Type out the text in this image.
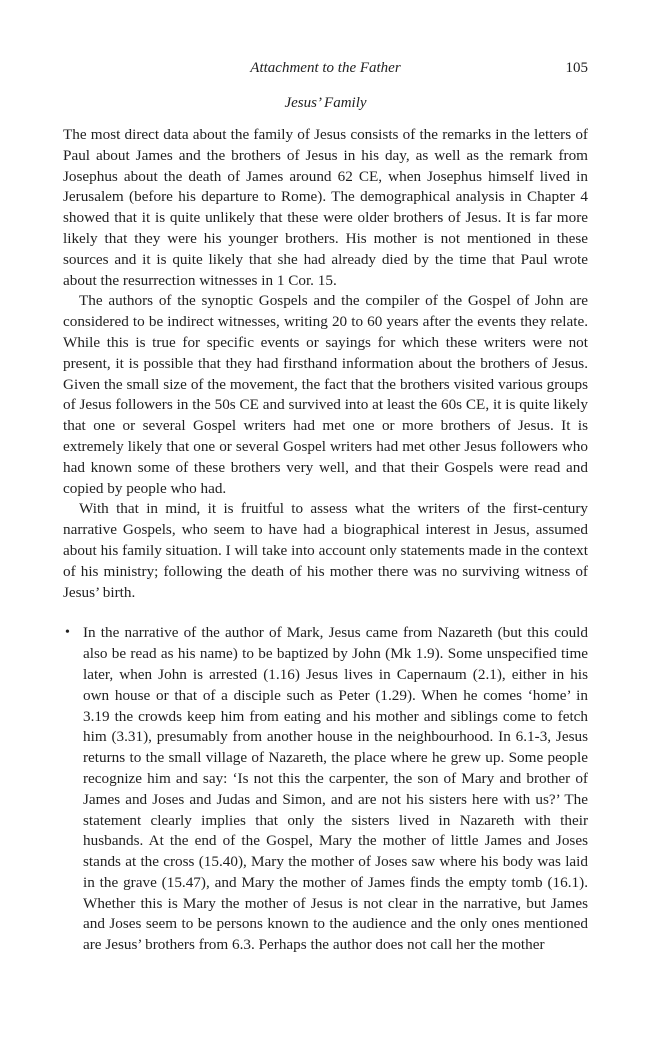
Attachment to the Father	105
Jesus’ Family

The most direct data about the family of Jesus consists of the remarks in the letters of Paul about James and the brothers of Jesus in his day, as well as the remark from Josephus about the death of James around 62 CE, when Josephus himself lived in Jerusalem (before his departure to Rome). The demographical analysis in Chapter 4 showed that it is quite unlikely that these were older brothers of Jesus. It is far more likely that they were his younger brothers. His mother is not mentioned in these sources and it is quite likely that she had already died by the time that Paul wrote about the resurrection witnesses in 1 Cor. 15.

The authors of the synoptic Gospels and the compiler of the Gospel of John are considered to be indirect witnesses, writing 20 to 60 years after the events they relate. While this is true for specific events or sayings for which these writers were not present, it is possible that they had firsthand information about the brothers of Jesus. Given the small size of the movement, the fact that the brothers visited various groups of Jesus followers in the 50s CE and survived into at least the 60s CE, it is quite likely that one or several Gospel writers had met one or more brothers of Jesus. It is extremely likely that one or several Gospel writers had met other Jesus followers who had known some of these brothers very well, and that their Gospels were read and copied by people who had.

With that in mind, it is fruitful to assess what the writers of the first-century narrative Gospels, who seem to have had a biographical interest in Jesus, assumed about his family situation. I will take into account only statements made in the context of his ministry; following the death of his mother there was no surviving witness of Jesus’ birth.

• In the narrative of the author of Mark, Jesus came from Nazareth (but this could also be read as his name) to be baptized by John (Mk 1.9). Some unspecified time later, when John is arrested (1.16) Jesus lives in Capernaum (2.1), either in his own house or that of a disciple such as Peter (1.29). When he comes ‘home’ in 3.19 the crowds keep him from eating and his mother and siblings come to fetch him (3.31), presumably from another house in the neighbourhood. In 6.1-3, Jesus returns to the small village of Nazareth, the place where he grew up. Some people recognize him and say: ‘Is not this the carpenter, the son of Mary and brother of James and Joses and Judas and Simon, and are not his sisters here with us?’ The statement clearly implies that only the sisters lived in Nazareth with their husbands. At the end of the Gospel, Mary the mother of little James and Joses stands at the cross (15.40), Mary the mother of Joses saw where his body was laid in the grave (15.47), and Mary the mother of James finds the empty tomb (16.1). Whether this is Mary the mother of Jesus is not clear in the narrative, but James and Joses seem to be persons known to the audience and the only ones mentioned are Jesus’ brothers from 6.3. Perhaps the author does not call her the mother
